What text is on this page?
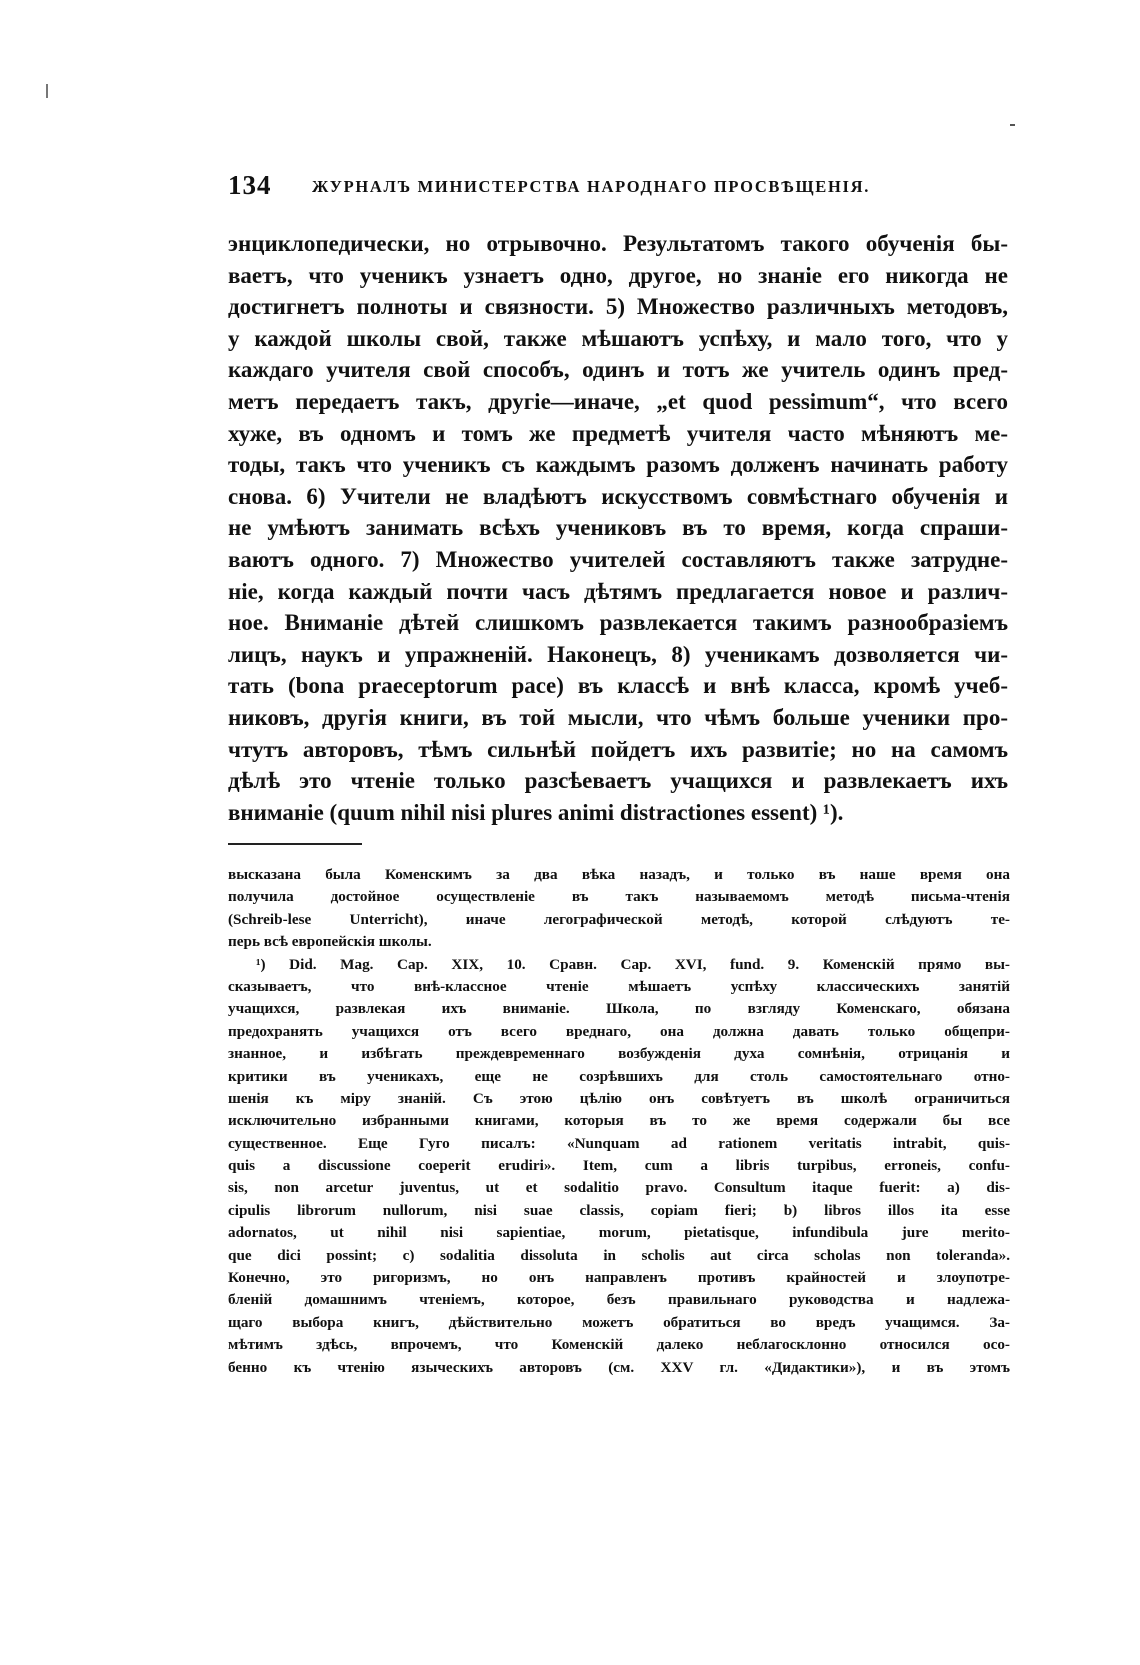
134 ЖУРНАЛЪ МИНИСТЕРСТВА НАРОДНАГО ПРОСВѢЩЕНІЯ.
энциклопедически, но отрывочно. Результатомъ такого обученія бы-
ваетъ, что ученикъ узнаетъ одно, другое, но знаніе его никогда не
достигнетъ полноты и связности. 5) Множество различныхъ методовъ,
у каждой школы свой, также мѣшаютъ успѣху, и мало того, что у
каждаго учителя свой способъ, одинъ и тотъ же учитель одинъ пред-
метъ передаетъ такъ, другіе—иначе, „et quod pessimum“, что всего
хуже, въ одномъ и томъ же предметѣ учителя часто мѣняютъ ме-
тоды, такъ что ученикъ съ каждымъ разомъ долженъ начинать работу
снова. 6) Учители не владѣютъ искусствомъ совмѣстнаго обученія и
не умѣютъ занимать всѣхъ учениковъ въ то время, когда спраши-
ваютъ одного. 7) Множество учителей составляютъ также затрудне-
ніе, когда каждый почти часъ дѣтямъ предлагается новое и различ-
ное. Вниманіе дѣтей слишкомъ развлекается такимъ разнообразіемъ
лицъ, наукъ и упражненій. Наконецъ, 8) ученикамъ дозволяется чи-
тать (bona praeceptorum pace) въ классѣ и внѣ класса, кромѣ учеб-
никовъ, другія книги, въ той мысли, что чѣмъ больше ученики про-
чтутъ авторовъ, тѣмъ сильнѣй пойдетъ ихъ развитіе; но на самомъ
дѣлѣ это чтеніе только разсѣеваетъ учащихся и развлекаетъ ихъ
вниманіе (quum nihil nisi plures animi distractiones essent) ¹).
высказана была Коменскимъ за два вѣка назадъ, и только въ наше время она
получила достойное осуществленіе въ такъ называемомъ методѣ письма-чтенія
(Schreib-lese Unterricht), иначе легографической методѣ, которой слѣдуютъ те-
перь всѣ европейскія школы.
¹) Did. Mag. Cap. XIX, 10. Сравн. Cap. XVI, fund. 9. Коменскій прямо вы-
сказываетъ, что внѣ-классное чтеніе мѣшаетъ успѣху классическихъ занятій
учащихся, развлекая ихъ вниманіе. Школа, по взгляду Коменскаго, обязана
предохранять учащихся отъ всего вреднаго, она должна давать только общепри-
знанное, и избѣгать преждевременнаго возбужденія духа сомнѣнія, отрицанія и
критики въ ученикахъ, еще не созрѣвшихъ для столь самостоятельнаго отно-
шенія къ міру знаній. Съ этою цѣлію онъ совѣтуетъ въ школѣ ограничиться
исключительно избранными книгами, которыя въ то же время содержали бы все
существенное. Еще Гуго писалъ: «Nunquam ad rationem veritatis intrabit, quis-
quis a discussione coeperit erudiri». Item, cum a libris turpibus, erroneis, confu-
sis, non arcetur juventus, ut et sodalitio pravo. Consultum itaque fuerit: a) dis-
cipulis librorum nullorum, nisi suae classis, copiam fieri; b) libros illos ita esse
adornatos, ut nihil nisi sapientiae, morum, pietatisque, infundibula jure merito-
que dici possint; c) sodalitia dissoluta in scholis aut circa scholas non toleranda».
Конечно, это ригоризмъ, но онъ направленъ противъ крайностей и злоупотре-
бленій домашнимъ чтеніемъ, которое, безъ правильнаго руководства и надлежа-
щаго выбора книгъ, дѣйствительно можетъ обратиться во вредъ учащимся. За-
мѣтимъ здѣсь, впрочемъ, что Коменскій далеко неблагосклонно относился осо-
бенно къ чтенію языческихъ авторовъ (см. XXV гл. «Дидактики»), и въ этомъ
